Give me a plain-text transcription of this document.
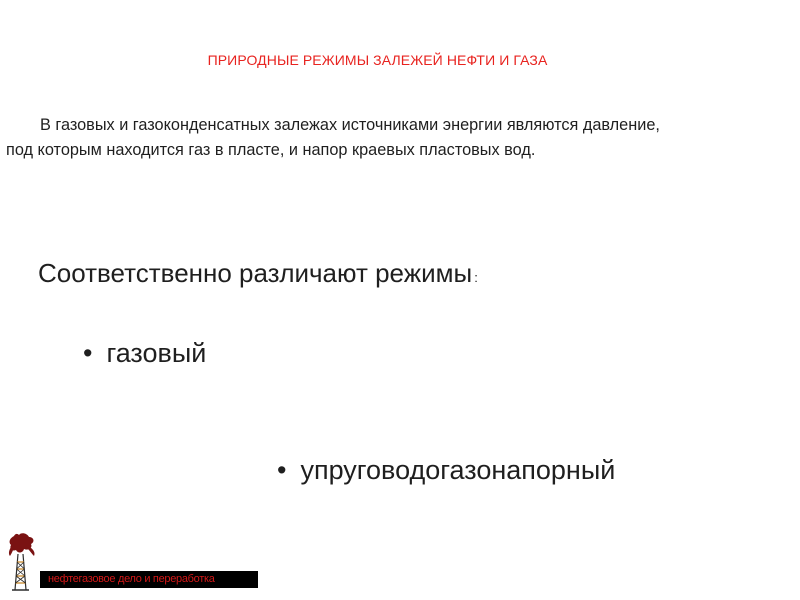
ПРИРОДНЫЕ РЕЖИМЫ ЗАЛЕЖЕЙ НЕФТИ И ГАЗА
В газовых и газоконденсатных залежах источниками энергии являются давление,
под которым находится газ в пласте, и напор краевых пластовых вод.
Соответственно различают режимы :
• газовый
• упруговодогазонапорный
нефтегазовое дело и переработка
